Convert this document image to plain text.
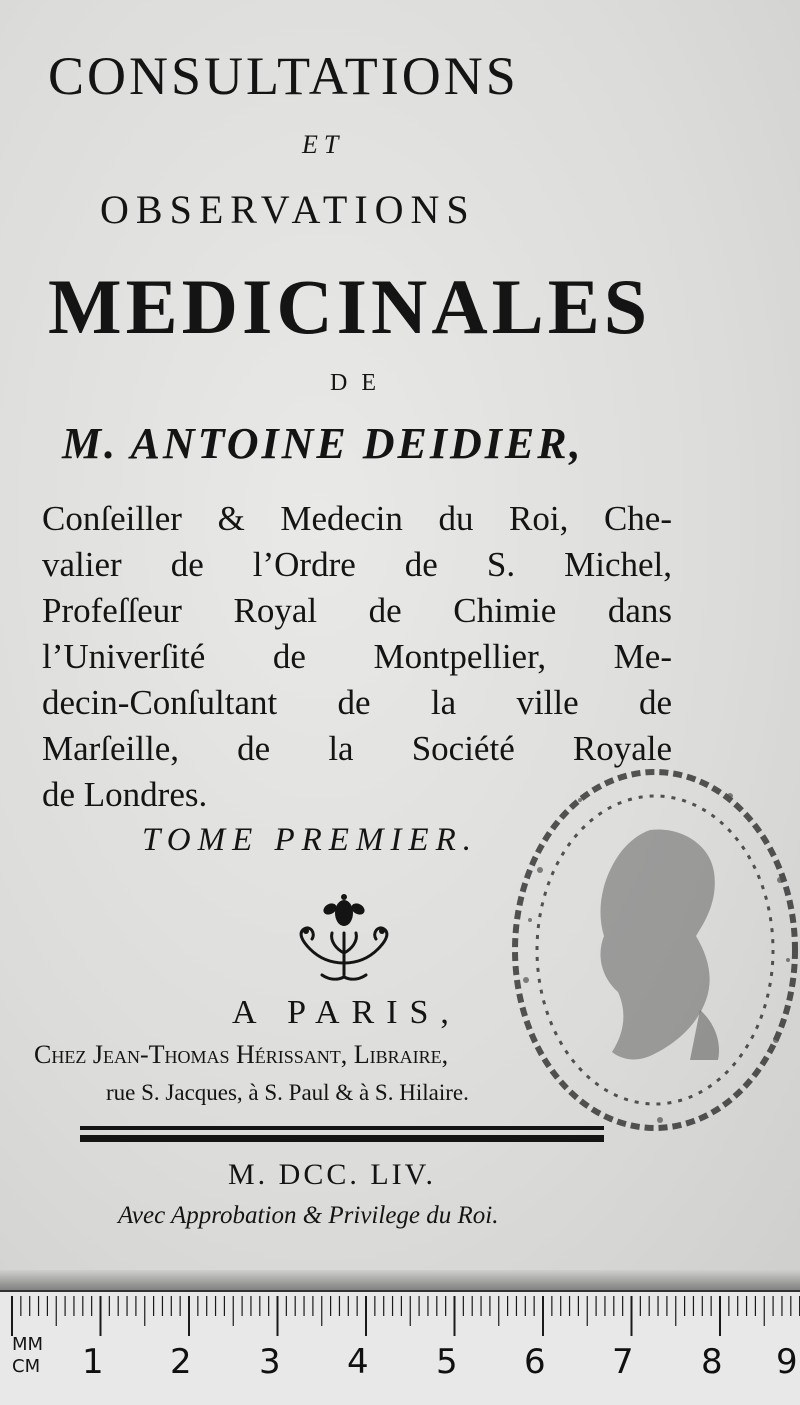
CONSULTATIONS
ET
OBSERVATIONS
MEDICINALES
DE
M. ANTOINE DEIDIER,
Conſeiller & Medecin du Roi, Che-
valier de l’Ordre de S. Michel,
Profeſſeur Royal de Chimie dans
l’Univerſité de Montpellier, Me-
decin-Conſultant de la ville de
Marſeille, de la Société Royale
de Londres.
TOME PREMIER.
A PARIS,
Chez Jean-Thomas Hérissant, Libraire,
rue S. Jacques, à S. Paul & à S. Hilaire.
M. DCC. LIV.
Avec Approbation & Privilege du Roi.
MM
CM 1 2 3 4 5 6 7 8 9
